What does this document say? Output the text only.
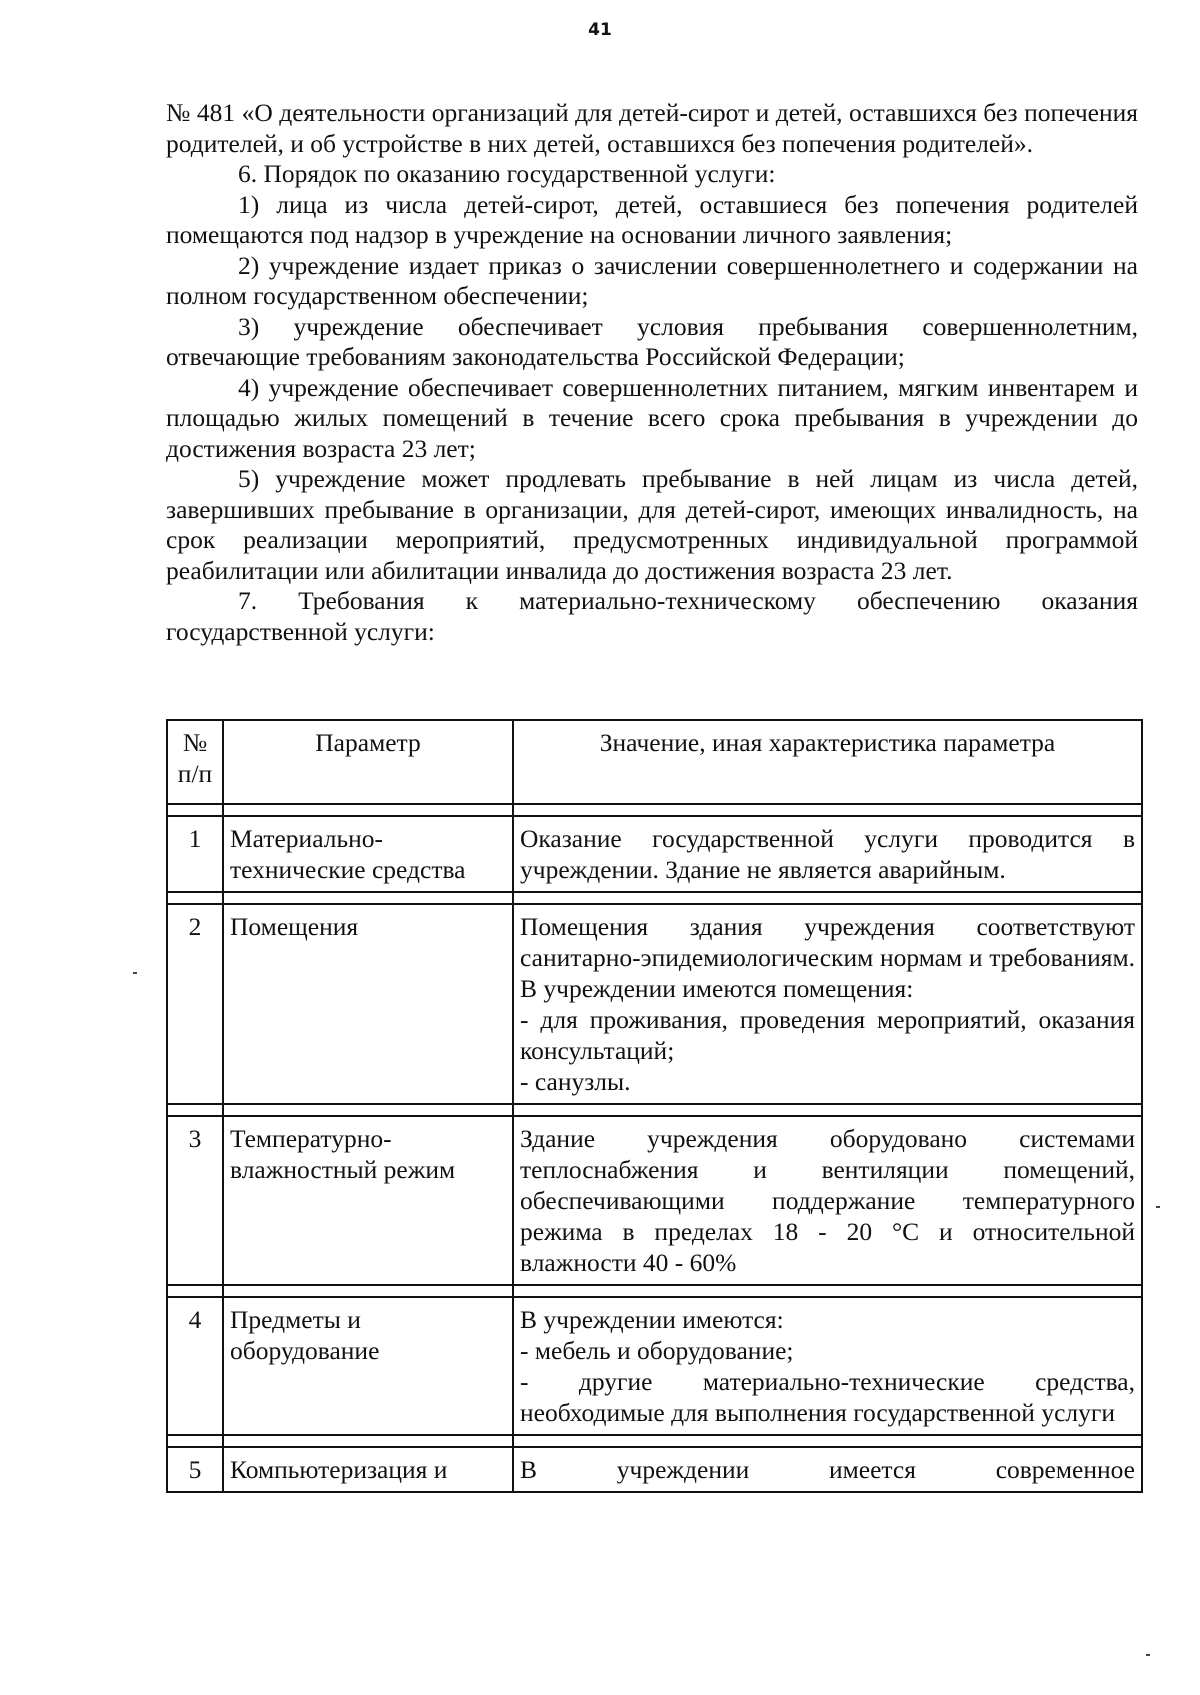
41

№ 481 «О деятельности организаций для детей-сирот и детей, оставшихся без попечения родителей, и об устройстве в них детей, оставшихся без попечения родителей».

6. Порядок по оказанию государственной услуги:

1) лица из числа детей-сирот, детей, оставшиеся без попечения родителей помещаются под надзор в учреждение на основании личного заявления;

2) учреждение издает приказ о зачислении совершеннолетнего и содержании на полном государственном обеспечении;

3) учреждение обеспечивает условия пребывания совершеннолетним, отвечающие требованиям законодательства Российской Федерации;

4) учреждение обеспечивает совершеннолетних питанием, мягким инвентарем и площадью жилых помещений в течение всего срока пребывания в учреждении до достижения возраста 23 лет;

5) учреждение может продлевать пребывание в ней лицам из числа детей, завершивших пребывание в организации, для детей-сирот, имеющих инвалидность, на срок реализации мероприятий, предусмотренных индивидуальной программой реабилитации или абилитации инвалида до достижения возраста 23 лет.

7. Требования к материально-техническому обеспечению оказания государственной услуги:

№ п/п	Параметр	Значение, иная характеристика параметра

1	Материально-технические средства	Оказание государственной услуги проводится в учреждении. Здание не является аварийным.

2	Помещения	Помещения здания учреждения соответствуют санитарно-эпидемиологическим нормам и требованиям. В учреждении имеются помещения:
- для проживания, проведения мероприятий, оказания консультаций;
- санузлы.

3	Температурно-влажностный режим	Здание учреждения оборудовано системами теплоснабжения и вентиляции помещений, обеспечивающими поддержание температурного режима в пределах 18 - 20 °С и относительной влажности 40 - 60%

4	Предметы и оборудование	В учреждении имеются:
- мебель и оборудование;
- другие материально-технические средства, необходимые для выполнения государственной услуги

5	Компьютеризация и	В учреждении имеется современное
